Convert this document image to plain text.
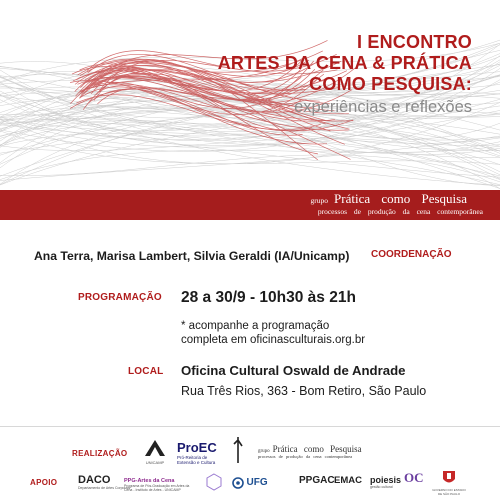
I ENCONTRO
ARTES DA CENA & PRÁTICA
COMO PESQUISA:
experiências e reflexões
grupo Prática como Pesquisa
processos de produção da cena contemporânea
Ana Terra, Marisa Lambert, Silvia Geraldi (IA/Unicamp) COORDENAÇÃO
PROGRAMAÇÃO 28 a 30/9 - 10h30 às 21h
* acompanhe a programação
completa em oficinasculturais.org.br
LOCAL Oficina Cultural Oswald de Andrade
Rua Três Rios, 363 - Bom Retiro, São Paulo
REALIZAÇÃO
APOIO
UNICAMP
ProEC
Pró-Reitoria de Extensão e Cultura
grupo Prática como Pesquisa
processos de produção da cena contemporânea
DACO
Departamento de Artes Corporais
PPG-Artes da Cena
Programa de Pós-Graduação em Artes da Cena - Instituto de Artes - UNICAMP
UFG	PPGAC EMAC poiesis
gestão cultural
OC
GOVERNO DO ESTADO DE SÃO PAULO
